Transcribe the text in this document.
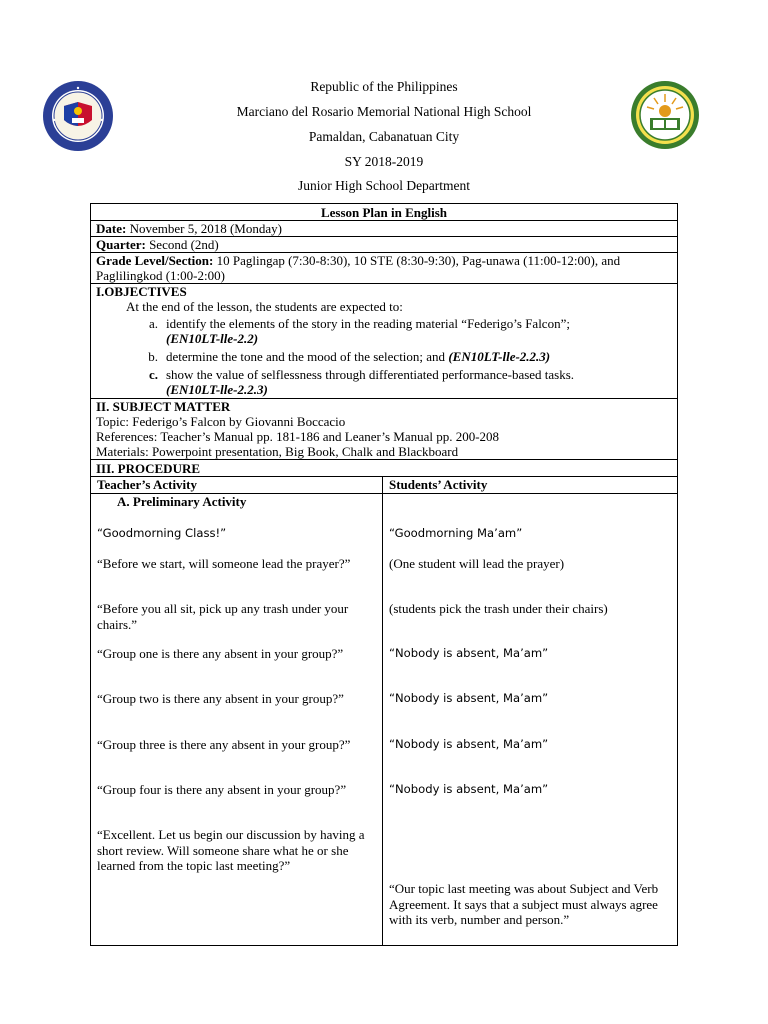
Republic of the Philippines
Marciano del Rosario Memorial National High School
Pamaldan, Cabanatuan City
SY 2018-2019
Junior High School Department
Lesson Plan in English
Date: November 5, 2018 (Monday)
Quarter: Second (2nd)
Grade Level/Section: 10 Paglingap (7:30-8:30), 10 STE (8:30-9:30), Pag-unawa (11:00-12:00), and Paglilingkod (1:00-2:00)
I.OBJECTIVES
At the end of the lesson, the students are expected to:
a. identify the elements of the story in the reading material “Federigo’s Falcon”;
(EN10LT-lle-2.2)
b. determine the tone and the mood of the selection; and (EN10LT-lle-2.2.3)
c. show the value of selflessness through differentiated performance-based tasks.
(EN10LT-lle-2.2.3)
II. SUBJECT MATTER
Topic: Federigo’s Falcon by Giovanni Boccacio
References: Teacher’s Manual pp. 181-186 and Leaner’s Manual pp. 200-208
Materials: Powerpoint presentation, Big Book, Chalk and Blackboard
III. PROCEDURE
Teacher’s Activity	Students’ Activity
A. Preliminary Activity
“Goodmorning Class!”
“Before we start, will someone lead the prayer?”
“Before you all sit, pick up any trash under your chairs.”
“Group one is there any absent in your group?”
“Group two is there any absent in your group?”
“Group three is there any absent in your group?”
“Group four is there any absent in your group?”
“Excellent. Let us begin our discussion by having a short review. Will someone share what he or she learned from the topic last meeting?”
“Goodmorning Ma’am”
(One student will lead the prayer)
(students pick the trash under their chairs)
“Nobody is absent, Ma’am”
“Nobody is absent, Ma’am”
“Nobody is absent, Ma’am”
“Nobody is absent, Ma’am”
“Our topic last meeting was about Subject and Verb Agreement. It says that a subject must always agree with its verb, number and person.”
